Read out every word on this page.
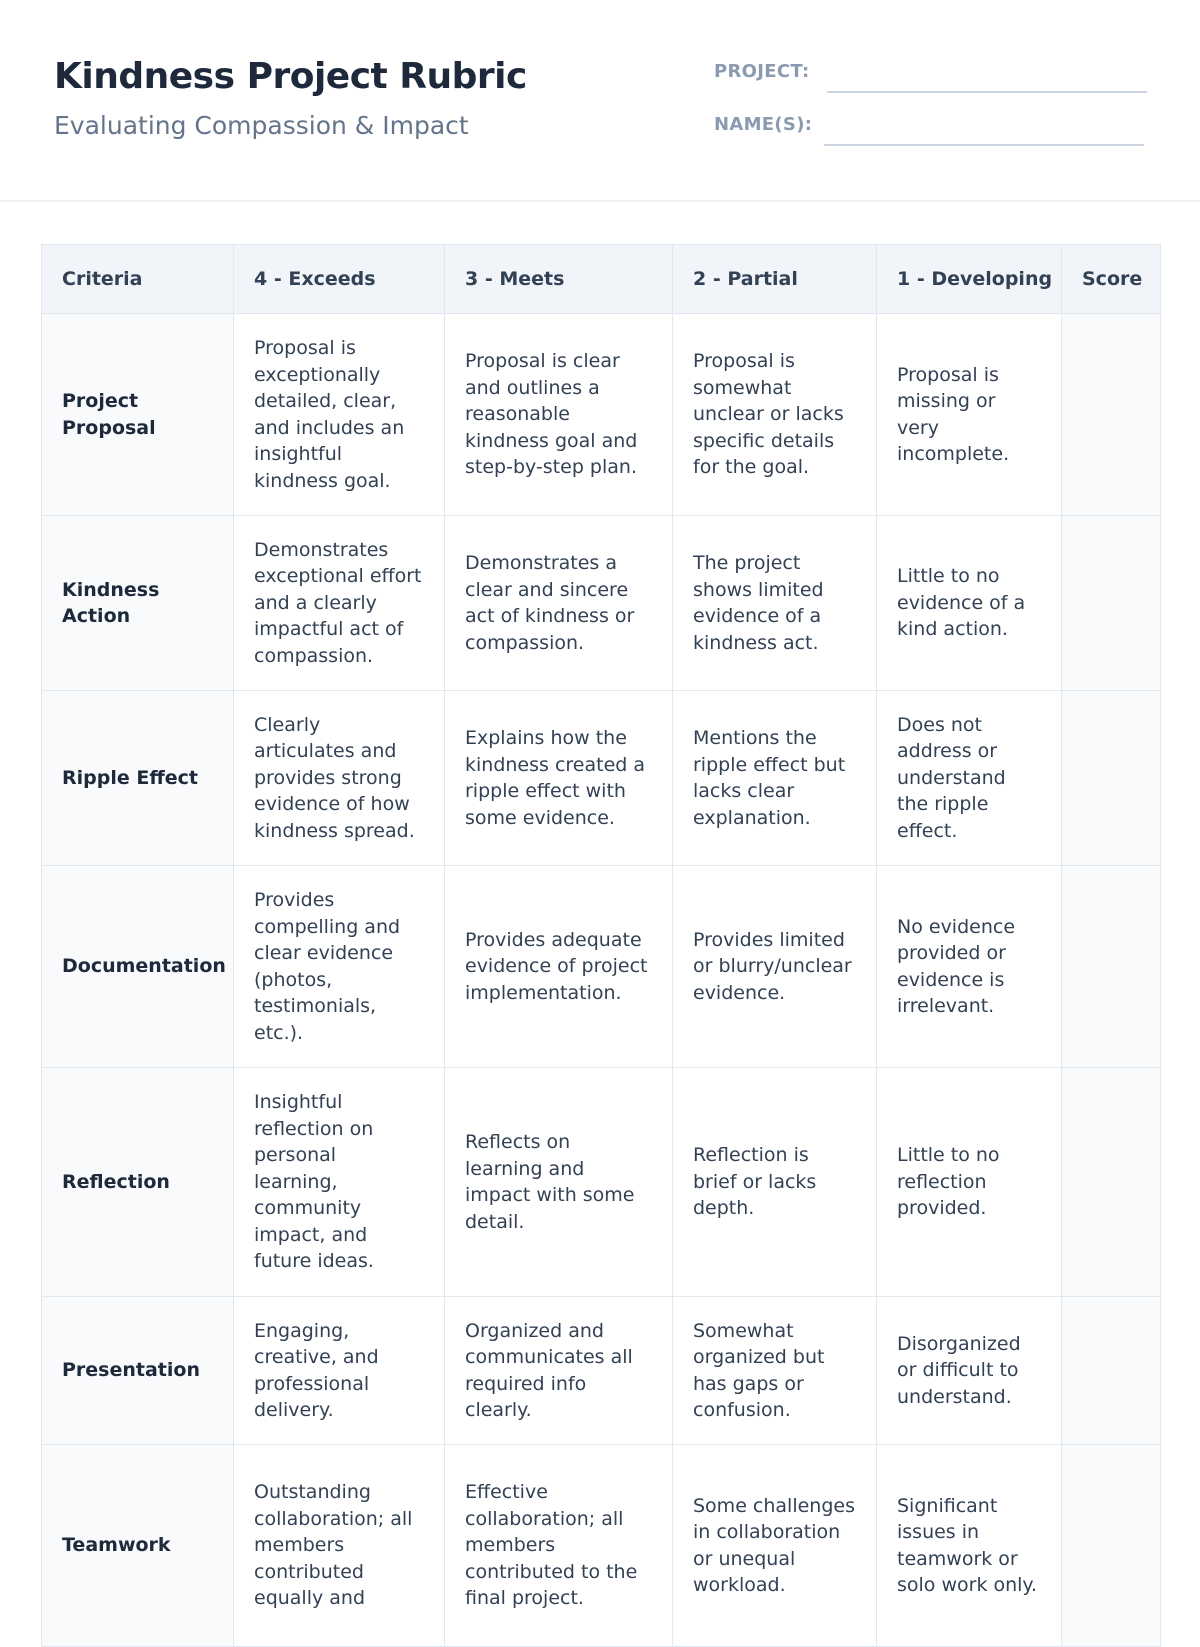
Kindness Project Rubric
Evaluating Compassion & Impact
PROJECT:
NAME(S):
Criteria	4 - Exceeds	3 - Meets	2 - Partial	1 - Developing	Score
Project Proposal	Proposal is exceptionally detailed, clear, and includes an insightful kindness goal.	Proposal is clear and outlines a reasonable kindness goal and step-by-step plan.	Proposal is somewhat unclear or lacks specific details for the goal.	Proposal is missing or very incomplete.	
Kindness Action	Demonstrates exceptional effort and a clearly impactful act of compassion.	Demonstrates a clear and sincere act of kindness or compassion.	The project shows limited evidence of a kindness act.	Little to no evidence of a kind action.	
Ripple Effect	Clearly articulates and provides strong evidence of how kindness spread.	Explains how the kindness created a ripple effect with some evidence.	Mentions the ripple effect but lacks clear explanation.	Does not address or understand the ripple effect.	
Documentation	Provides compelling and clear evidence (photos, testimonials, etc.).	Provides adequate evidence of project implementation.	Provides limited or blurry/unclear evidence.	No evidence provided or evidence is irrelevant.	
Reflection	Insightful reflection on personal learning, community impact, and future ideas.	Reflects on learning and impact with some detail.	Reflection is brief or lacks depth.	Little to no reflection provided.	
Presentation	Engaging, creative, and professional delivery.	Organized and communicates all required info clearly.	Somewhat organized but has gaps or confusion.	Disorganized or difficult to understand.	
Teamwork	Outstanding collaboration; all members contributed equally and	Effective collaboration; all members contributed to the final project.	Some challenges in collaboration or unequal workload.	Significant issues in teamwork or solo work only.	
